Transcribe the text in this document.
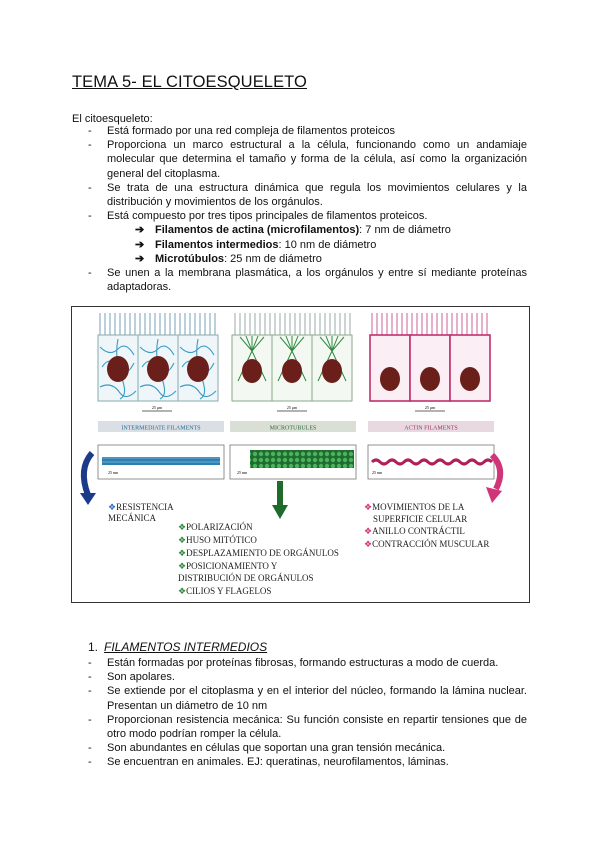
TEMA 5- EL CITOESQUELETO
El citoesqueleto:
- Está formado por una red compleja de filamentos proteicos
- Proporciona un marco estructural a la célula, funcionando como un andamiaje molecular que determina el tamaño y forma de la célula, así como la organización general del citoplasma.
- Se trata de una estructura dinámica que regula los movimientos celulares y la distribución y movimientos de los orgánulos.
- Está compuesto por tres tipos principales de filamentos proteicos.
➔ Filamentos de actina (microfilamentos): 7 nm de diámetro
➔ Filamentos intermedios: 10 nm de diámetro
➔ Microtúbulos: 25 nm de diámetro
- Se unen a la membrana plasmática, a los orgánulos y entre sí mediante proteínas adaptadoras.
25 μm	25 μm	25 μm
INTERMEDIATE FILAMENTS	MICROTUBULES	ACTIN FILAMENTS
25 nm	25 nm	25 nm
❖RESISTENCIA
MECÁNICA
❖POLARIZACIÓN
❖HUSO MITÓTICO
❖DESPLAZAMIENTO DE ORGÁNULOS
❖POSICIONAMIENTO Y
DISTRIBUCIÓN DE ORGÁNULOS
❖CILIOS Y FLAGELOS
❖MOVIMIENTOS DE LA
SUPERFICIE CELULAR
❖ANILLO CONTRÁCTIL
❖CONTRACCIÓN MUSCULAR
1. FILAMENTOS INTERMEDIOS
- Están formadas por proteínas fibrosas, formando estructuras a modo de cuerda.
- Son apolares.
- Se extiende por el citoplasma y en el interior del núcleo, formando la lámina nuclear. Presentan un diámetro de 10 nm
- Proporcionan resistencia mecánica: Su función consiste en repartir tensiones que de otro modo podrían romper la célula.
- Son abundantes en células que soportan una gran tensión mecánica.
- Se encuentran en animales. EJ: queratinas, neurofilamentos, láminas.
